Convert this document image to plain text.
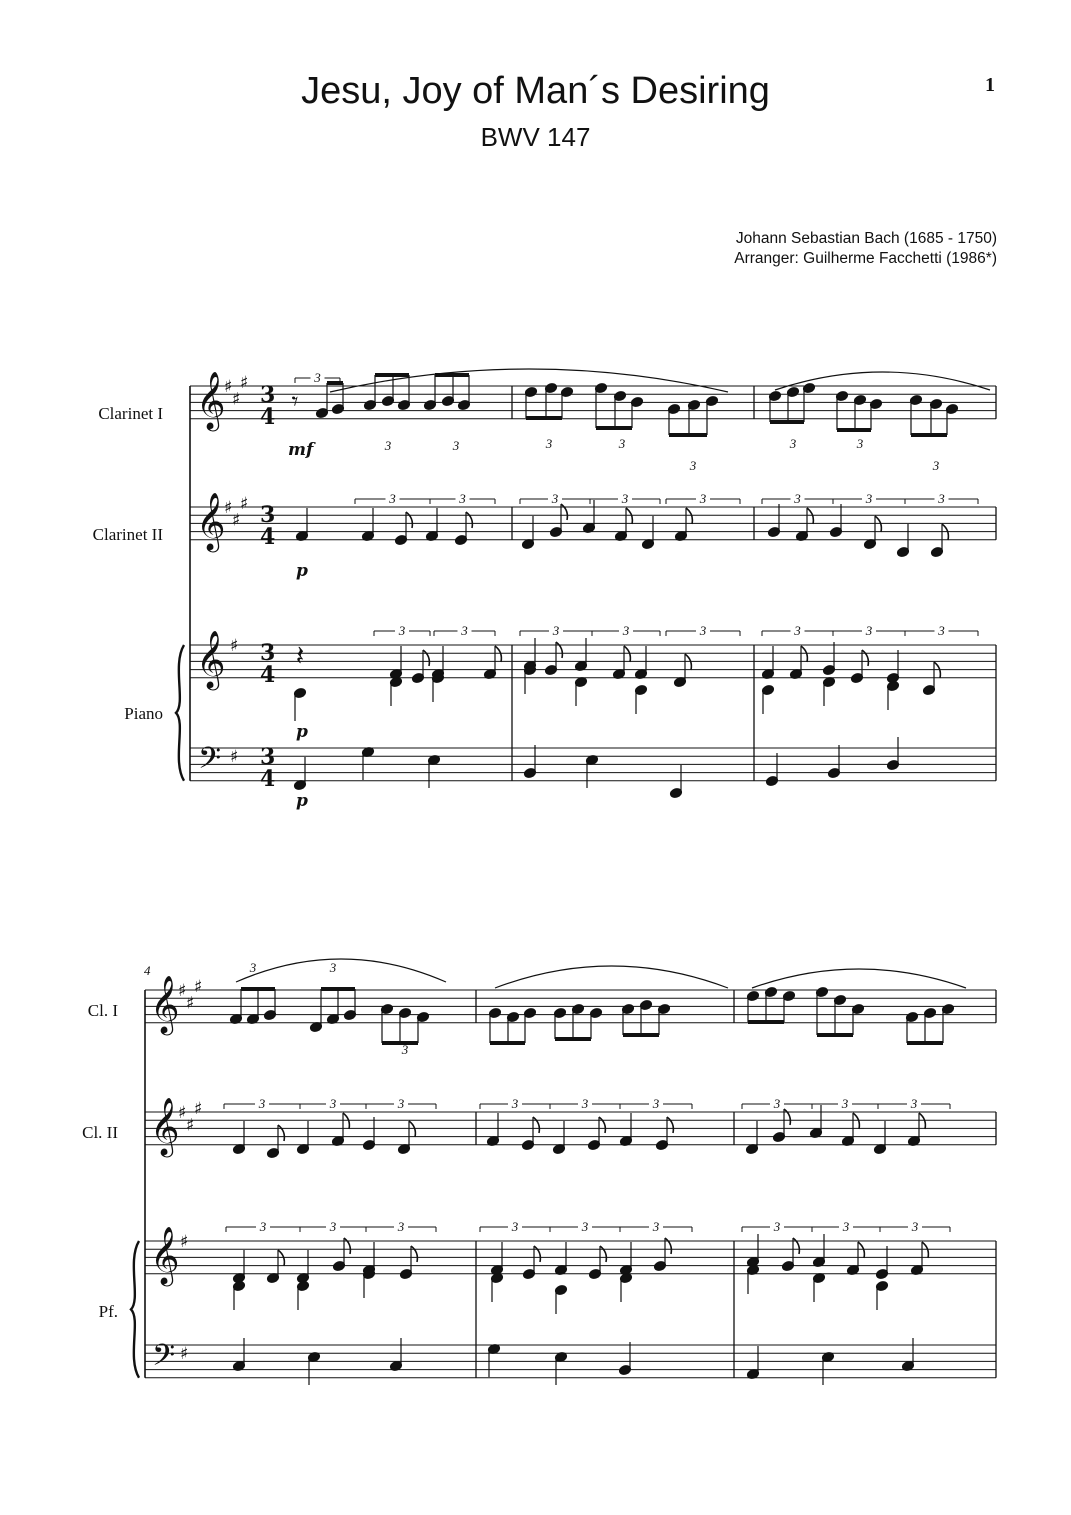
Jesu, Joy of Man´s Desiring
BWV 147
1
Johann Sebastian Bach (1685 - 1750)
Arranger: Guilherme Facchetti (1986*)
Clarinet I
Clarinet II
Piano
Cl. I
Cl. II
Pf.
3
4
3
4
3
4
3
4
mf
p
p
p
4
𝄞
𝄞
𝄞
𝄢
♯
♯
♯
♯
♯
♯
♯
♯
𝄾
3
3	3	3	3
3
3	3
3
3	3	3	3	3	3	3	3
𝄽
3	3	3	3	3	3	3	3
𝄞
𝄞
𝄞
𝄢
♯
♯
♯
♯
♯
♯
♯
♯
3	3
3
3	3	3	3	3	3	3	3	3
3	3	3	3	3	3	3	3	3
